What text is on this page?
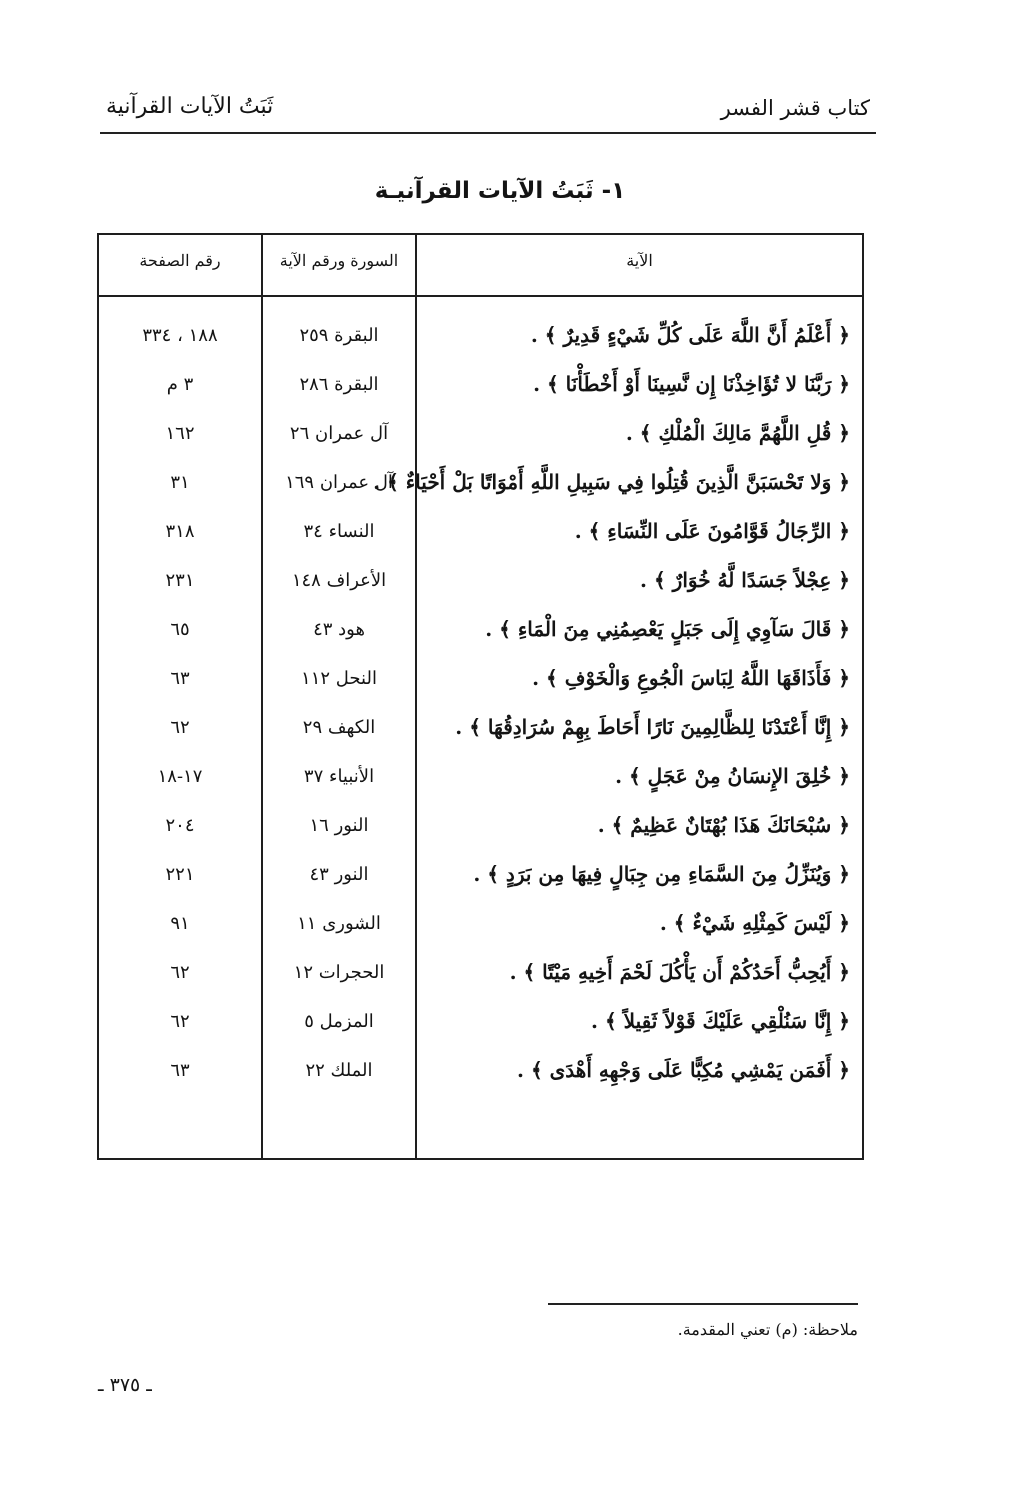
كتاب قشر الفسر
ثَبَتُ الآيات القرآنية
١- ثَبَتُ الآيات القرآنيـة
الآية
السورة ورقم الآية
رقم الصفحة
﴿ أَعْلَمُ أَنَّ اللَّهَ عَلَى كُلِّ شَيْءٍ قَدِيرٌ ﴾ .
البقرة ٢٥٩
١٨٨ ، ٣٣٤
﴿ رَبَّنَا لا تُؤَاخِذْنَا إِن نَّسِينَا أَوْ أَخْطَأْنَا ﴾ .
البقرة ٢٨٦
٣ م
﴿ قُلِ اللَّهُمَّ مَالِكَ الْمُلْكِ ﴾ .
آل عمران ٢٦
١٦٢
﴿ وَلا تَحْسَبَنَّ الَّذِينَ قُتِلُوا فِي سَبِيلِ اللَّهِ أَمْوَاتًا بَلْ أَحْيَاءٌ ﴾ .
آل عمران ١٦٩
٣١
﴿ الرِّجَالُ قَوَّامُونَ عَلَى النِّسَاءِ ﴾ .
النساء ٣٤
٣١٨
﴿ عِجْلاً جَسَدًا لَّهُ خُوَارٌ ﴾ .
الأعراف ١٤٨
٢٣١
﴿ قَالَ سَآوِي إِلَى جَبَلٍ يَعْصِمُنِي مِنَ الْمَاءِ ﴾ .
هود ٤٣
٦٥
﴿ فَأَذَاقَهَا اللَّهُ لِبَاسَ الْجُوعِ وَالْخَوْفِ ﴾ .
النحل ١١٢
٦٣
﴿ إِنَّا أَعْتَدْنَا لِلظَّالِمِينَ نَارًا أَحَاطَ بِهِمْ سُرَادِقُهَا ﴾ .
الكهف ٢٩
٦٢
﴿ خُلِقَ الإِنسَانُ مِنْ عَجَلٍ ﴾ .
الأنبياء ٣٧
١٧-١٨
﴿ سُبْحَانَكَ هَذَا بُهْتَانٌ عَظِيمٌ ﴾ .
النور ١٦
٢٠٤
﴿ وَيُنَزِّلُ مِنَ السَّمَاءِ مِن جِبَالٍ فِيهَا مِن بَرَدٍ ﴾ .
النور ٤٣
٢٢١
﴿ لَيْسَ كَمِثْلِهِ شَيْءٌ ﴾ .
الشورى ١١
٩١
﴿ أَيُحِبُّ أَحَدُكُمْ أَن يَأْكُلَ لَحْمَ أَخِيهِ مَيْتًا ﴾ .
الحجرات ١٢
٦٢
﴿ إِنَّا سَنُلْقِي عَلَيْكَ قَوْلاً ثَقِيلاً ﴾ .
المزمل ٥
٦٢
﴿ أَفَمَن يَمْشِي مُكِبًّا عَلَى وَجْهِهِ أَهْدَى ﴾ .
الملك ٢٢
٦٣
ملاحظة: (م) تعني المقدمة.
ـ ٣٧٥ ـ
